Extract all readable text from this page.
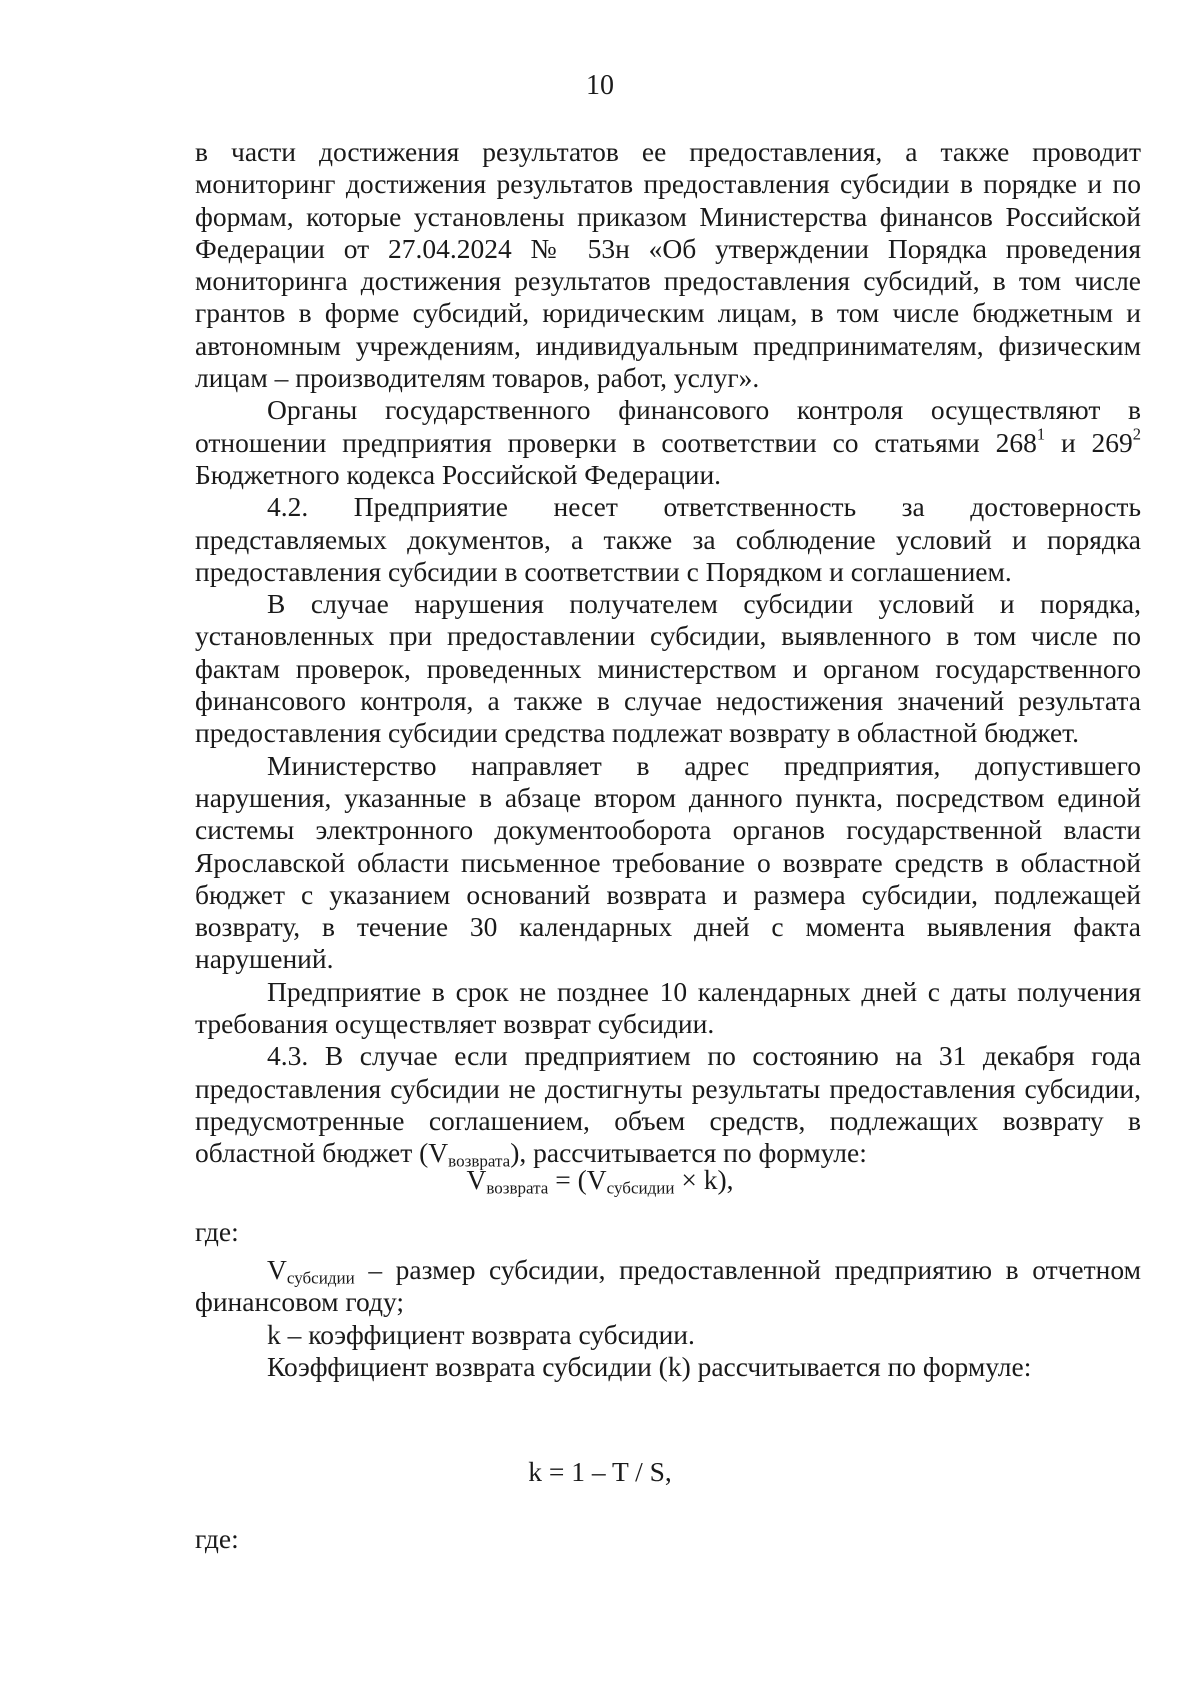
10

в части достижения результатов ее предоставления, а также проводит мониторинг достижения результатов предоставления субсидии в порядке и по формам, которые установлены приказом Министерства финансов Российской Федерации от 27.04.2024 № 53н «Об утверждении Порядка проведения мониторинга достижения результатов предоставления субсидий, в том числе грантов в форме субсидий, юридическим лицам, в том числе бюджетным и автономным учреждениям, индивидуальным предпринимателям, физическим лицам – производителям товаров, работ, услуг».

Органы государственного финансового контроля осуществляют в отношении предприятия проверки в соответствии со статьями $268^1$ и $269^2$ Бюджетного кодекса Российской Федерации.

4.2. Предприятие несет ответственность за достоверность представляемых документов, а также за соблюдение условий и порядка предоставления субсидии в соответствии с Порядком и соглашением.

В случае нарушения получателем субсидии условий и порядка, установленных при предоставлении субсидии, выявленного в том числе по фактам проверок, проведенных министерством и органом государственного финансового контроля, а также в случае недостижения значений результата предоставления субсидии средства подлежат возврату в областной бюджет.

Министерство направляет в адрес предприятия, допустившего нарушения, указанные в абзаце втором данного пункта, посредством единой системы электронного документооборота органов государственной власти Ярославской области письменное требование о возврате средств в областной бюджет с указанием оснований возврата и размера субсидии, подлежащей возврату, в течение 30 календарных дней с момента выявления факта нарушений.

Предприятие в срок не позднее 10 календарных дней с даты получения требования осуществляет возврат субсидии.

4.3. В случае если предприятием по состоянию на 31 декабря года предоставления субсидии не достигнуты результаты предоставления субсидии, предусмотренные соглашением, объем средств, подлежащих возврату в областной бюджет $(V_{возврата})$, рассчитывается по формуле:

$V_{возврата} = (V_{субсидии} \times k)$,
где:

$V_{субсидии}$ – размер субсидии, предоставленной предприятию в отчетном финансовом году;

k – коэффициент возврата субсидии.

Коэффициент возврата субсидии (k) рассчитывается по формуле:

k = 1 – T / S,
где:
